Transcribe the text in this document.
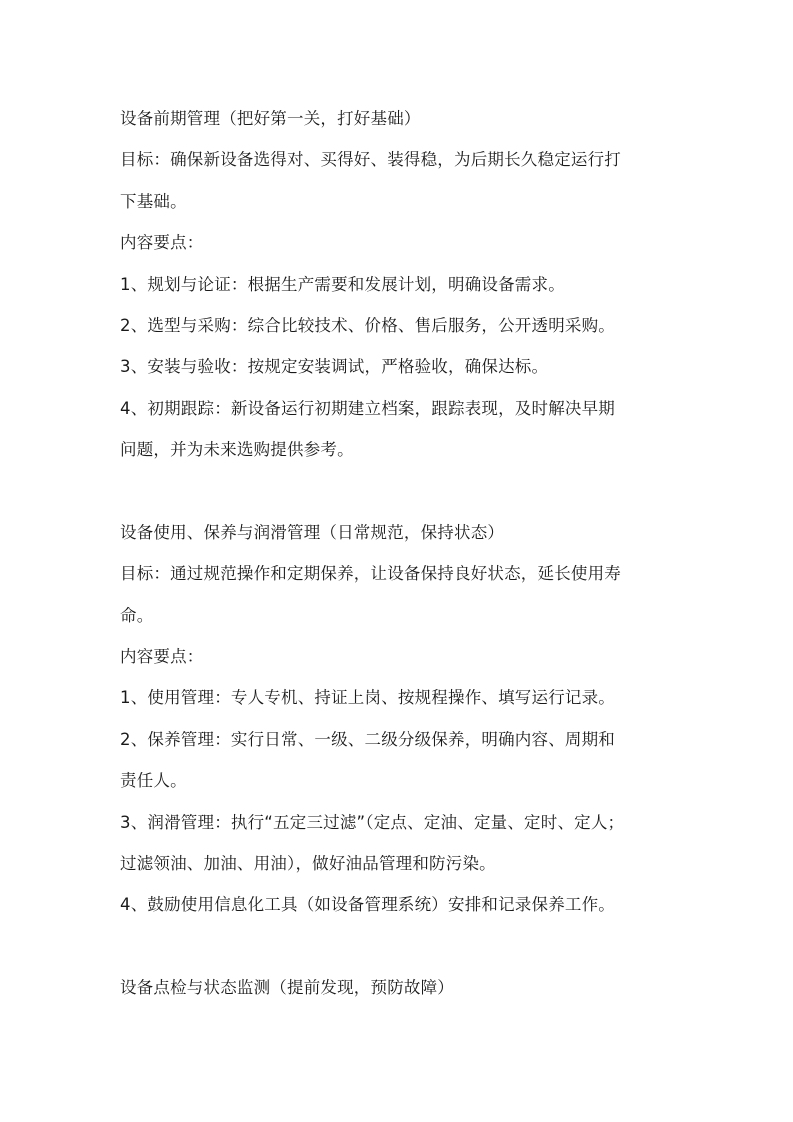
设备前期管理（把好第一关，打好基础）
目标：确保新设备选得对、买得好、装得稳，为后期长久稳定运行打
下基础。
内容要点：
1、规划与论证：根据生产需要和发展计划，明确设备需求。
2、选型与采购：综合比较技术、价格、售后服务，公开透明采购。
3、安装与验收：按规定安装调试，严格验收，确保达标。
4、初期跟踪：新设备运行初期建立档案，跟踪表现，及时解决早期
问题，并为未来选购提供参考。
设备使用、保养与润滑管理（日常规范，保持状态）
目标：通过规范操作和定期保养，让设备保持良好状态，延长使用寿
命。
内容要点：
1、使用管理：专人专机、持证上岗、按规程操作、填写运行记录。
2、保养管理：实行日常、一级、二级分级保养，明确内容、周期和
责任人。
3、润滑管理：执行“五定三过滤”（定点、定油、定量、定时、定人；
过滤领油、加油、用油），做好油品管理和防污染。
4、鼓励使用信息化工具（如设备管理系统）安排和记录保养工作。
设备点检与状态监测（提前发现，预防故障）
